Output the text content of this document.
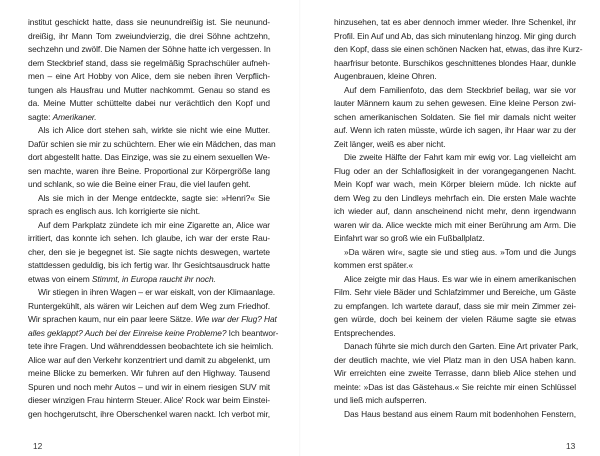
institut geschickt hatte, dass sie neunundreißig ist. Sie neunund-
dreißig, ihr Mann Tom zweiundvierzig, die drei Söhne achtzehn,
sechzehn und zwölf. Die Namen der Söhne hatte ich vergessen. In
dem Steckbrief stand, dass sie regelmäßig Sprachschüler aufneh-
men – eine Art Hobby von Alice, dem sie neben ihren Verpflich-
tungen als Hausfrau und Mutter nachkommt. Genau so stand es
da. Meine Mutter schüttelte dabei nur verächtlich den Kopf und
sagte: Amerikaner.
Als ich Alice dort stehen sah, wirkte sie nicht wie eine Mutter.
Dafür schien sie mir zu schüchtern. Eher wie ein Mädchen, das man
dort abgestellt hatte. Das Einzige, was sie zu einem sexuellen We-
sen machte, waren ihre Beine. Proportional zur Körpergröße lang
und schlank, so wie die Beine einer Frau, die viel laufen geht.
Als sie mich in der Menge entdeckte, sagte sie: »Henri?« Sie
sprach es englisch aus. Ich korrigierte sie nicht.
Auf dem Parkplatz zündete ich mir eine Zigarette an, Alice war
irritiert, das konnte ich sehen. Ich glaube, ich war der erste Rau-
cher, den sie je begegnet ist. Sie sagte nichts deswegen, wartete
stattdessen geduldig, bis ich fertig war. Ihr Gesichtsausdruck hatte
etwas von einem Stimmt, in Europa raucht ihr noch.
Wir stiegen in ihren Wagen – er war eiskalt, von der Klimaanlage.
Runtergekühlt, als wären wir Leichen auf dem Weg zum Friedhof.
Wir sprachen kaum, nur ein paar leere Sätze. Wie war der Flug? Hat
alles geklappt? Auch bei der Einreise keine Probleme? Ich beantwor-
tete ihre Fragen. Und währenddessen beobachtete ich sie heimlich.
Alice war auf den Verkehr konzentriert und damit zu abgelenkt, um
meine Blicke zu bemerken. Wir fuhren auf den Highway. Tausend
Spuren und noch mehr Autos – und wir in einem riesigen SUV mit
dieser winzigen Frau hinterm Steuer. Alice' Rock war beim Einstei-
gen hochgerutscht, ihre Oberschenkel waren nackt. Ich verbot mir,
12
hinzusehen, tat es aber dennoch immer wieder. Ihre Schenkel, ihr
Profil. Ein Auf und Ab, das sich minutenlang hinzog. Mir ging durch
den Kopf, dass sie einen schönen Nacken hat, etwas, das ihre Kurz-
haarfrisur betonte. Burschikos geschnittenes blondes Haar, dunkle
Augenbrauen, kleine Ohren.
Auf dem Familienfoto, das dem Steckbrief beilag, war sie vor
lauter Männern kaum zu sehen gewesen. Eine kleine Person zwi-
schen amerikanischen Soldaten. Sie fiel mir damals nicht weiter
auf. Wenn ich raten müsste, würde ich sagen, ihr Haar war zu der
Zeit länger, weiß es aber nicht.
Die zweite Hälfte der Fahrt kam mir ewig vor. Lag vielleicht am
Flug oder an der Schlaflosigkeit in der vorangegangenen Nacht.
Mein Kopf war wach, mein Körper bleiern müde. Ich nickte auf
dem Weg zu den Lindleys mehrfach ein. Die ersten Male wachte
ich wieder auf, dann anscheinend nicht mehr, denn irgendwann
waren wir da. Alice weckte mich mit einer Berührung am Arm. Die
Einfahrt war so groß wie ein Fußballplatz.
»Da wären wir«, sagte sie und stieg aus. »Tom und die Jungs
kommen erst später.«
Alice zeigte mir das Haus. Es war wie in einem amerikanischen
Film. Sehr viele Bäder und Schlafzimmer und Bereiche, um Gäste
zu empfangen. Ich wartete darauf, dass sie mir mein Zimmer zei-
gen würde, doch bei keinem der vielen Räume sagte sie etwas
Entsprechendes.
Danach führte sie mich durch den Garten. Eine Art privater Park,
der deutlich machte, wie viel Platz man in den USA haben kann.
Wir erreichten eine zweite Terrasse, dann blieb Alice stehen und
meinte: »Das ist das Gästehaus.« Sie reichte mir einen Schlüssel
und ließ mich aufsperren.
Das Haus bestand aus einem Raum mit bodenhohen Fenstern,
13
